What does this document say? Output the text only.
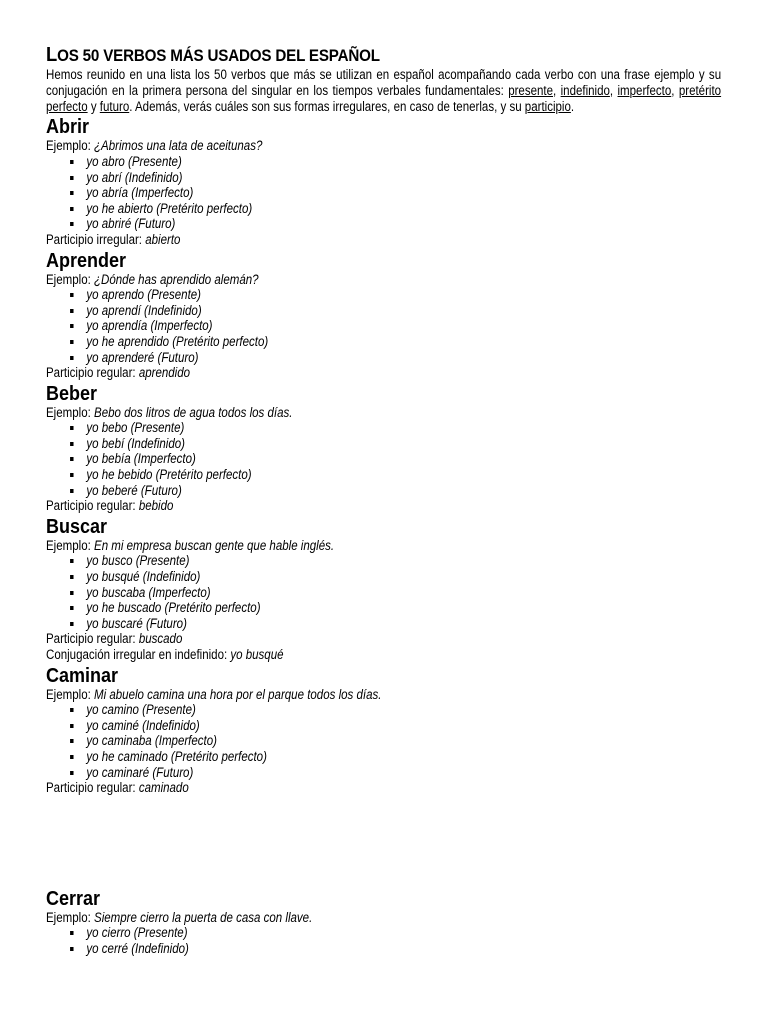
LOS 50 VERBOS MÁS USADOS DEL ESPAÑOL

Hemos reunido en una lista los 50 verbos que más se utilizan en español acompañando cada verbo con una frase ejemplo y su conjugación en la primera persona del singular en los tiempos verbales fundamentales: presente, indefinido, imperfecto, pretérito perfecto y futuro. Además, verás cuáles son sus formas irregulares, en caso de tenerlas, y su participio.

Abrir
Ejemplo: ¿Abrimos una lata de aceitunas?
yo abro (Presente)
yo abrí (Indefinido)
yo abría (Imperfecto)
yo he abierto (Pretérito perfecto)
yo abriré (Futuro)
Participio irregular: abierto
Aprender
Ejemplo: ¿Dónde has aprendido alemán?
yo aprendo (Presente)
yo aprendí (Indefinido)
yo aprendía (Imperfecto)
yo he aprendido (Pretérito perfecto)
yo aprenderé (Futuro)
Participio regular: aprendido
Beber
Ejemplo: Bebo dos litros de agua todos los días.
yo bebo (Presente)
yo bebí (Indefinido)
yo bebía (Imperfecto)
yo he bebido (Pretérito perfecto)
yo beberé (Futuro)
Participio regular: bebido
Buscar
Ejemplo: En mi empresa buscan gente que hable inglés.
yo busco (Presente)
yo busqué (Indefinido)
yo buscaba (Imperfecto)
yo he buscado (Pretérito perfecto)
yo buscaré (Futuro)
Participio regular: buscado
Conjugación irregular en indefinido: yo busqué
Caminar
Ejemplo: Mi abuelo camina una hora por el parque todos los días.
yo camino (Presente)
yo caminé (Indefinido)
yo caminaba (Imperfecto)
yo he caminado (Pretérito perfecto)
yo caminaré (Futuro)
Participio regular: caminado
Cerrar
Ejemplo: Siempre cierro la puerta de casa con llave.
yo cierro (Presente)
yo cerré (Indefinido)
